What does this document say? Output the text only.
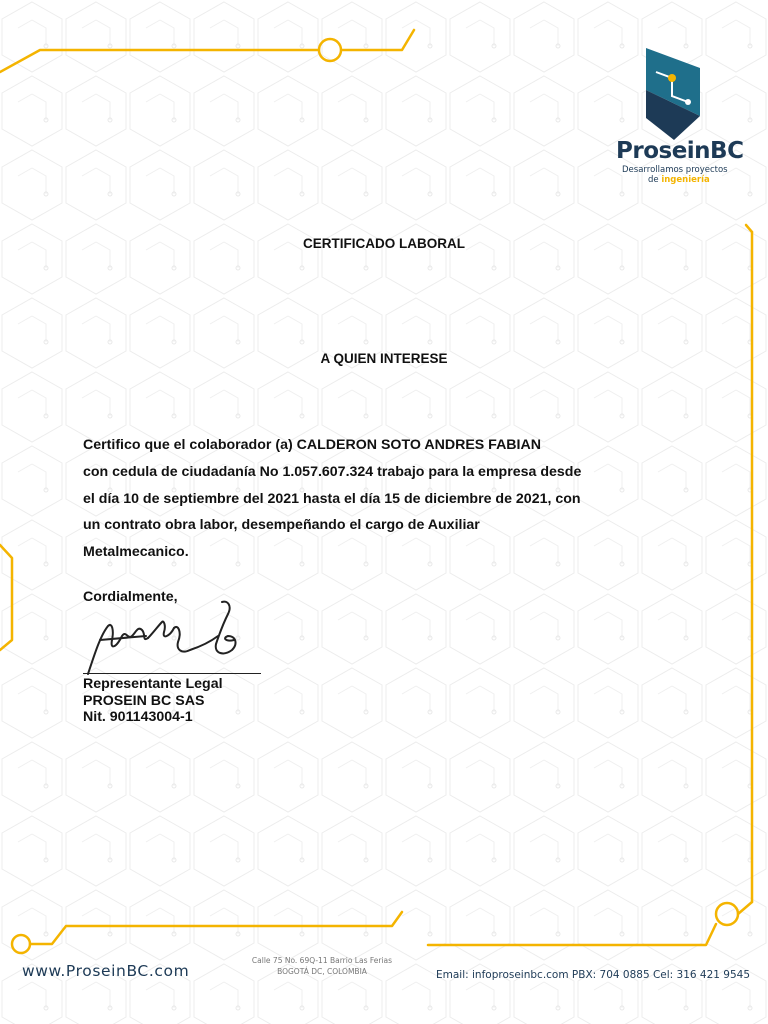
ProseinBC
Desarrollamos proyectos
de ingeniería
CERTIFICADO LABORAL
A QUIEN INTERESE

Certifico que el colaborador (a) CALDERON SOTO ANDRES FABIAN

con cedula de ciudadanía No 1.057.607.324 trabajo para la empresa desde

el día 10 de septiembre del 2021 hasta el día 15 de diciembre de 2021, con

un contrato obra labor, desempeñando el cargo de Auxiliar

Metalmecanico.

Cordialmente,
Representante Legal
PROSEIN BC SAS
Nit. 901143004-1
www.ProseinBC.com
Calle 75 No. 69Q-11 Barrio Las Ferias
BOGOTÁ DC, COLOMBIA	Email: infoproseinbc.com PBX: 704 0885 Cel: 316 421 9545
